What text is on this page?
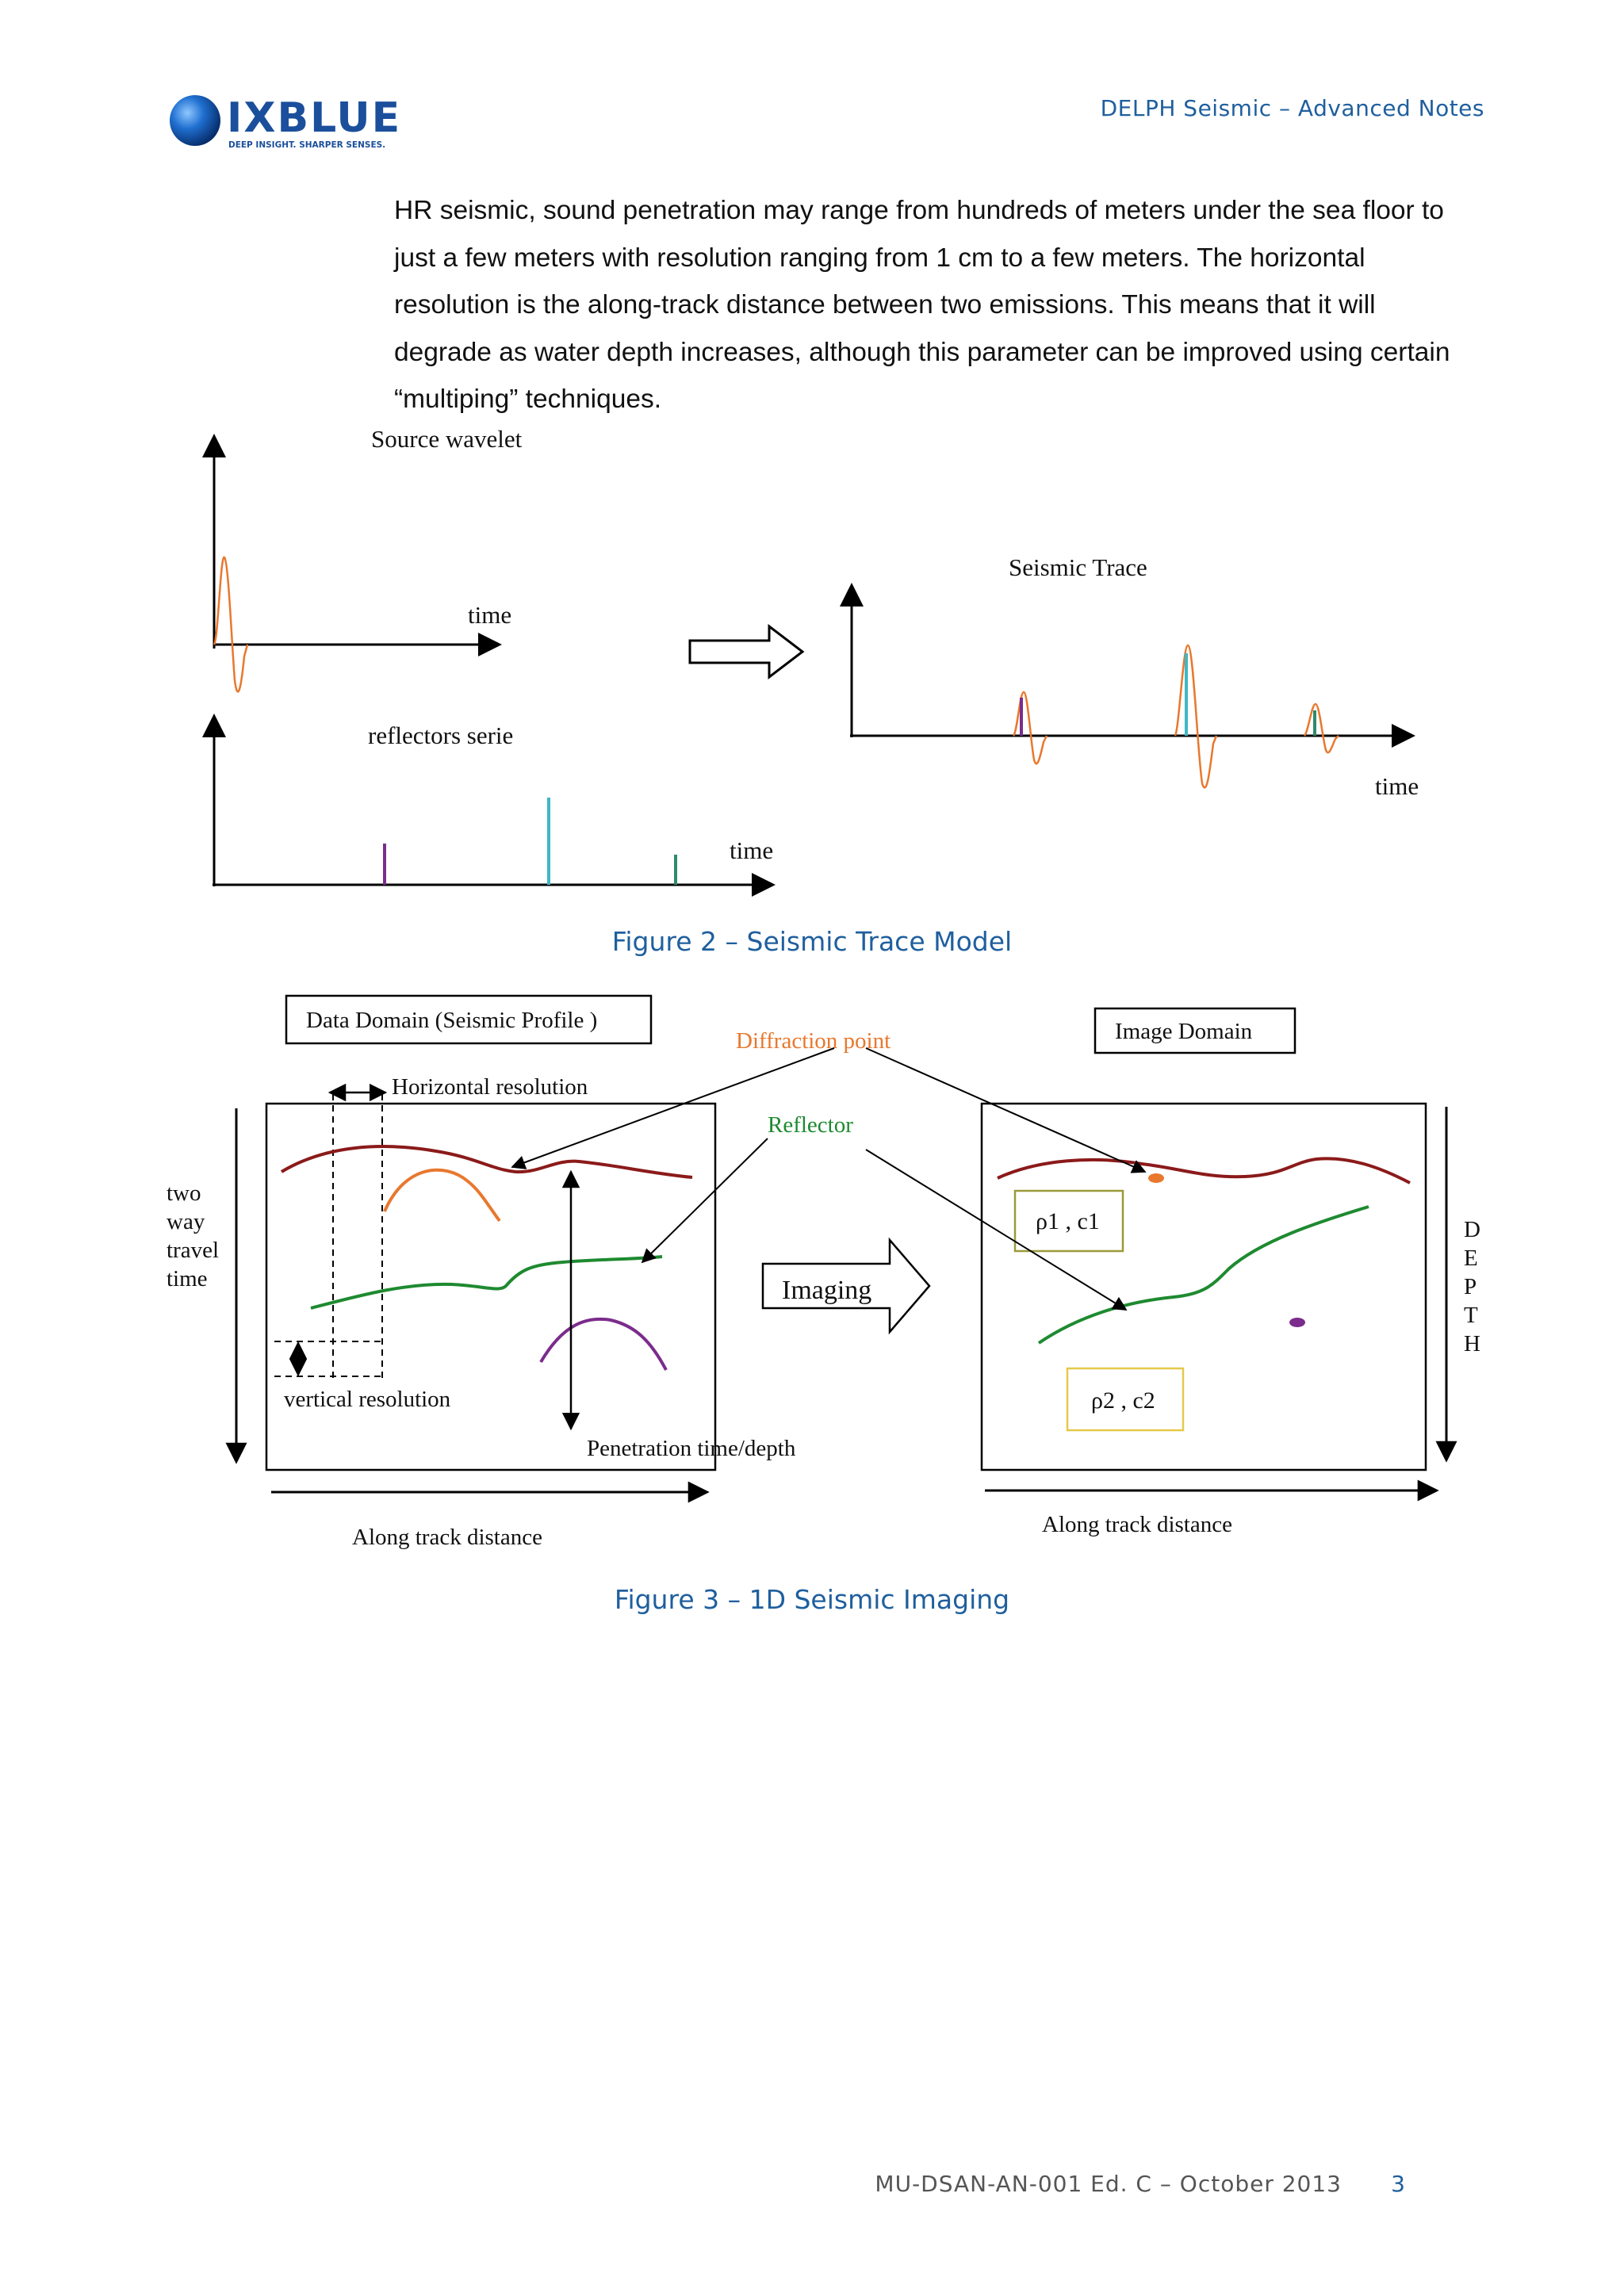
IXBLUE
DEEP INSIGHT. SHARPER SENSES.
DELPH Seismic – Advanced Notes

HR seismic, sound penetration may range from hundreds of meters under the sea floor to

just a few meters with resolution ranging from 1 cm to a few meters. The horizontal

resolution is the along-track distance between two emissions. This means that it will

degrade as water depth increases, although this parameter can be improved using certain

“multiping” techniques.

Source wavelet
time
reflectors serie
time
Seismic Trace
time
Figure 2 – Seismic Trace Model
Data Domain (Seismic Profile )	Image Domain
Diffraction point
Reflector
Horizontal resolution
vertical resolution
Penetration time/depth
two
way
travel
time
Along track distance
Imaging
ρ1 , c1
ρ2 , c2
Along track distance
D
E
P
T
H
Figure 3 – 1D Seismic Imaging
MU-DSAN-AN-001 Ed. C – October 2013 3
